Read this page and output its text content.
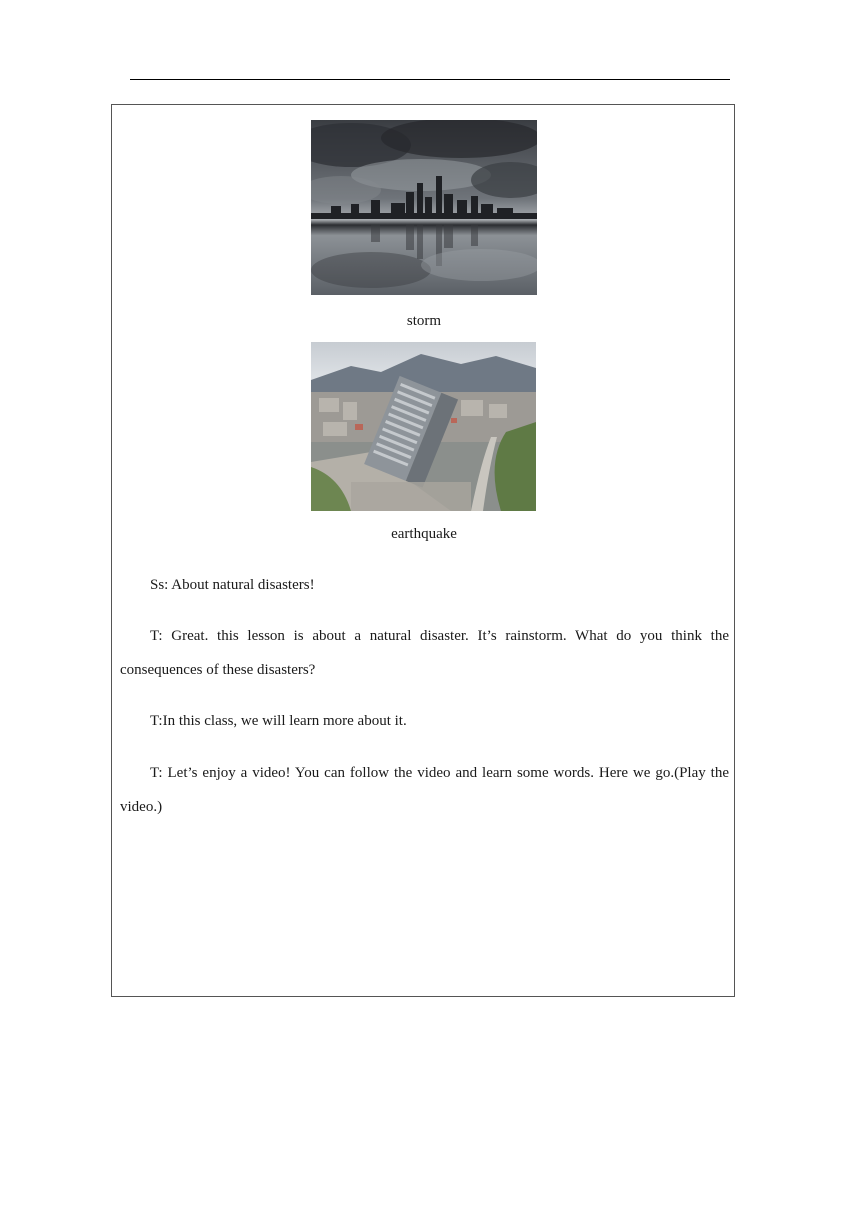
storm
earthquake

Ss: About natural disasters!

T: Great. this lesson is about a natural disaster. It’s rainstorm. What do you think the consequences of these disasters?

T:In this class, we will learn more about it.

T: Let’s enjoy a video! You can follow the video and learn some words. Here we go.(Play the video.)
